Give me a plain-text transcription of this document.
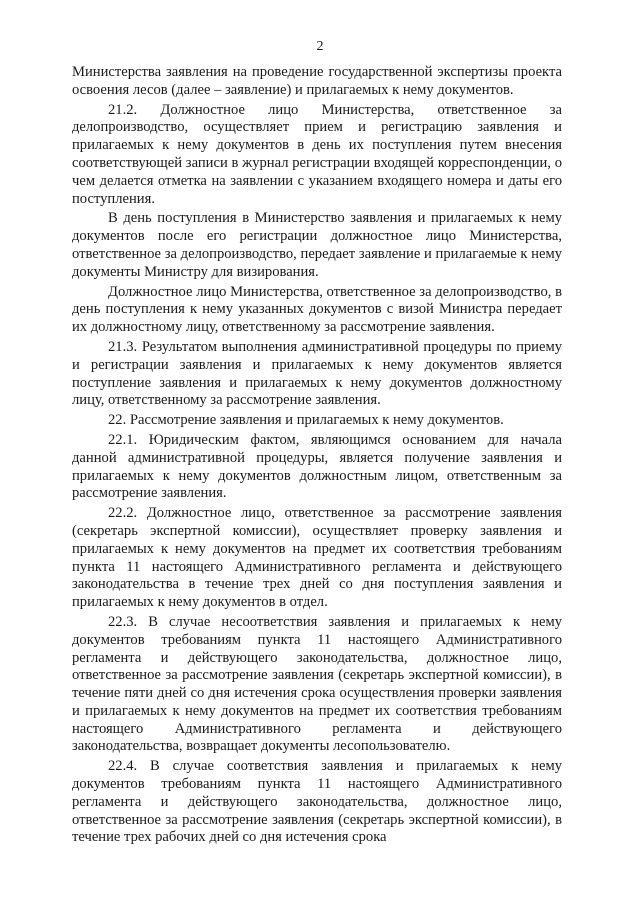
2

Министерства заявления на проведение государственной экспертизы проекта освоения лесов (далее – заявление) и прилагаемых к нему документов.

21.2. Должностное лицо Министерства, ответственное за делопроизводство, осуществляет прием и регистрацию заявления и прилагаемых к нему документов в день их поступления путем внесения соответствующей записи в журнал регистрации входящей корреспонденции, о чем делается отметка на заявлении с указанием входящего номера и даты его поступления.

В день поступления в Министерство заявления и прилагаемых к нему документов после его регистрации должностное лицо Министерства, ответственное за делопроизводство, передает заявление и прилагаемые к нему документы Министру для визирования.

Должностное лицо Министерства, ответственное за делопроизводство, в день поступления к нему указанных документов с визой Министра передает их должностному лицу, ответственному за рассмотрение заявления.

21.3. Результатом выполнения административной процедуры по приему и регистрации заявления и прилагаемых к нему документов является поступление заявления и прилагаемых к нему документов должностному лицу, ответственному за рассмотрение заявления.

22. Рассмотрение заявления и прилагаемых к нему документов.

22.1. Юридическим фактом, являющимся основанием для начала данной административной процедуры, является получение заявления и прилагаемых к нему документов должностным лицом, ответственным за рассмотрение заявления.

22.2. Должностное лицо, ответственное за рассмотрение заявления (секретарь экспертной комиссии), осуществляет проверку заявления и прилагаемых к нему документов на предмет их соответствия требованиям пункта 11 настоящего Административного регламента и действующего законодательства в течение трех дней со дня поступления заявления и прилагаемых к нему документов в отдел.

22.3. В случае несоответствия заявления и прилагаемых к нему документов требованиям пункта 11 настоящего Административного регламента и действующего законодательства, должностное лицо, ответственное за рассмотрение заявления (секретарь экспертной комиссии), в течение пяти дней со дня истечения срока осуществления проверки заявления и прилагаемых к нему документов на предмет их соответствия требованиям настоящего Административного регламента и действующего законодательства, возвращает документы лесопользователю.

22.4. В случае соответствия заявления и прилагаемых к нему документов требованиям пункта 11 настоящего Административного регламента и действующего законодательства, должностное лицо, ответственное за рассмотрение заявления (секретарь экспертной комиссии), в течение трех рабочих дней со дня истечения срока
